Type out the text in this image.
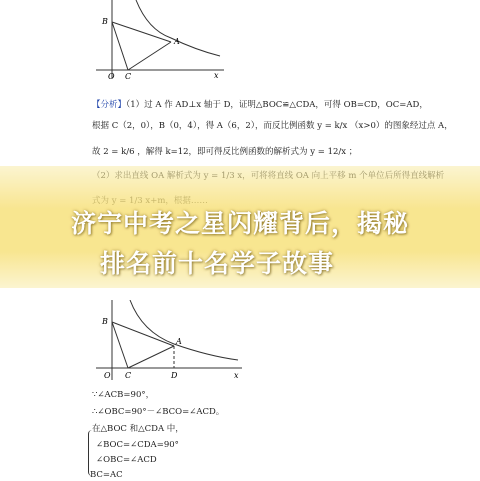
B
A
O C	x
【分析】（1）过 A 作 AD⊥x 轴于 D，证明△BOC≌△CDA，可得 OB=CD，OC=AD，
根据 C（2，0），B（0，4），得 A（6，2），而反比例函数 y = k/x （x>0）的图象经过点 A，
故 2 = k/6 ，解得 k=12，即可得反比例函数的解析式为 y = 12/x ；
B
A
O C	D	x
∵∠ACB=90°，
∴∠OBC=90°－∠BCO=∠ACD。
在△BOC 和△CDA 中，
∠BOC=∠CDA=90°
∠OBC=∠ACD
BC=AC
济宁中考之星闪耀背后，揭秘
排名前十名学子故事
